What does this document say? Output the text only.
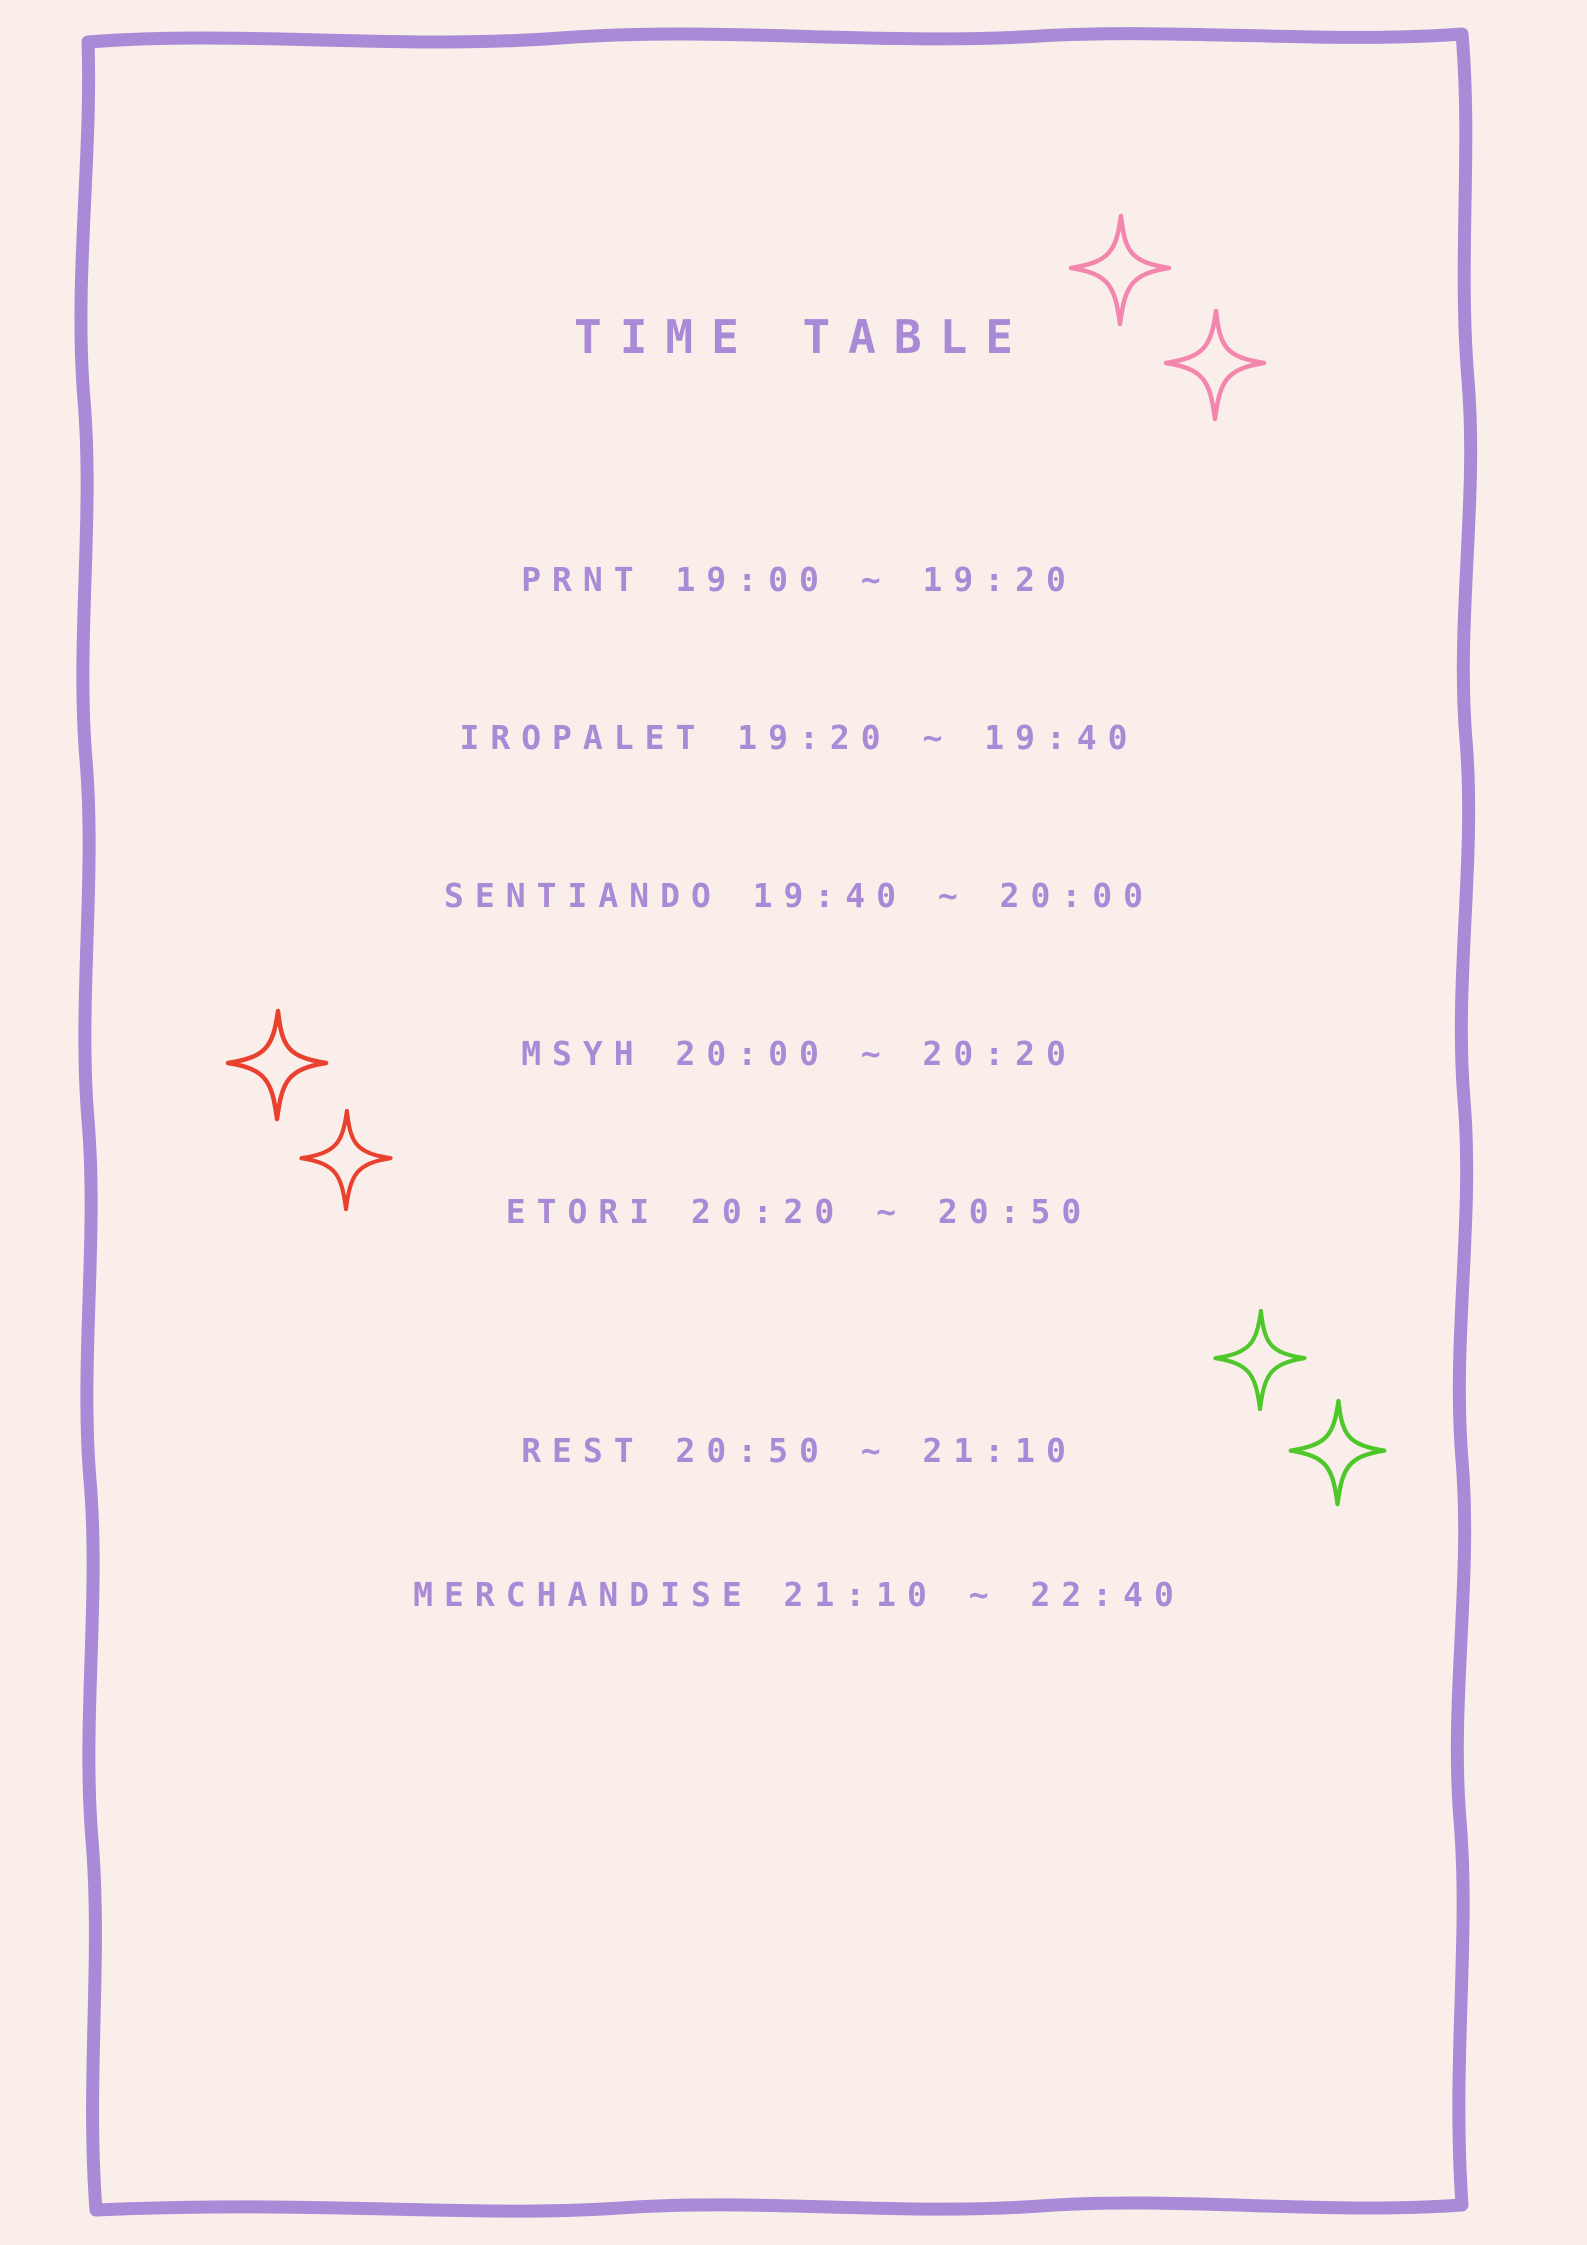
TIME TABLE
PRNT 19:00 ~ 19:20
IROPALET 19:20 ~ 19:40
SENTIANDO 19:40 ~ 20:00
MSYH 20:00 ~ 20:20
ETORI 20:20 ~ 20:50
REST 20:50 ~ 21:10
MERCHANDISE 21:10 ~ 22:40
